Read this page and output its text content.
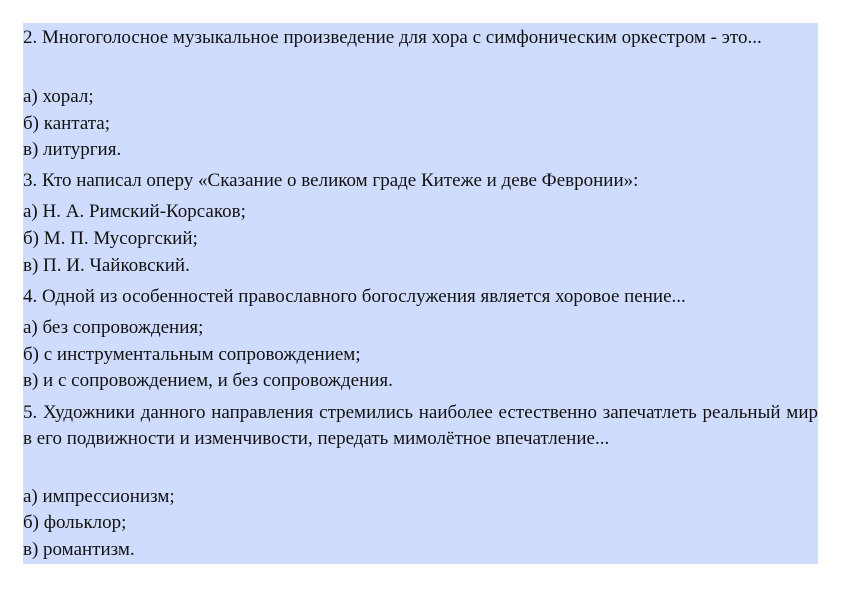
2. Многоголосное музыкальное произведение для хора с симфоническим оркестром - это...

а) хорал;

б) кантата;

в) литургия.

3. Кто написал оперу «Сказание о великом граде Китеже и деве Февронии»:

а) Н. А. Римский-Корсаков;

б) М. П. Мусоргский;

в) П. И. Чайковский.

4. Одной из особенностей православного богослужения является хоровое пение...

а) без сопровождения;

б) с инструментальным сопровождением;

в) и с сопровождением, и без сопровождения.

5. Художники данного направления стремились наиболее естественно запечатлеть реальный мир в его подвижности и изменчивости, передать мимолётное впечатление...

а) импрессионизм;

б) фольклор;

в) романтизм.
